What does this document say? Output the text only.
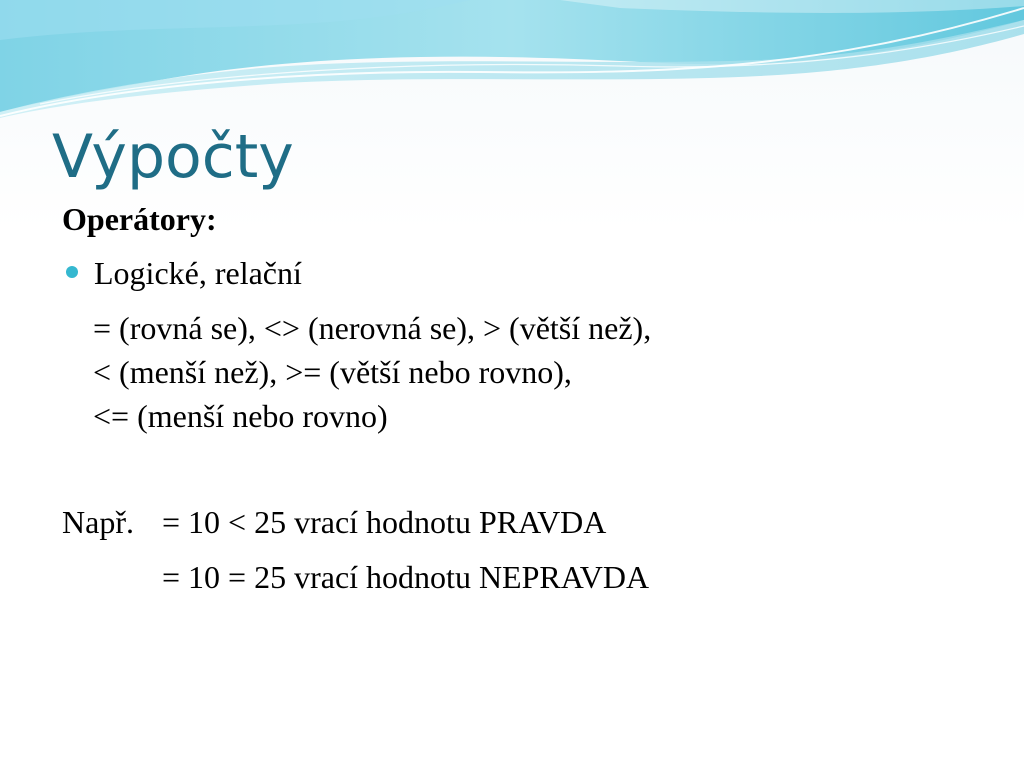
Výpočty
Operátory:
Logické, relační
= (rovná se), <> (nerovná se), > (větší než),
< (menší než), >= (větší nebo rovno),
<= (menší nebo rovno)
Např. = 10 < 25 vrací hodnotu PRAVDA
= 10 = 25 vrací hodnotu NEPRAVDA
